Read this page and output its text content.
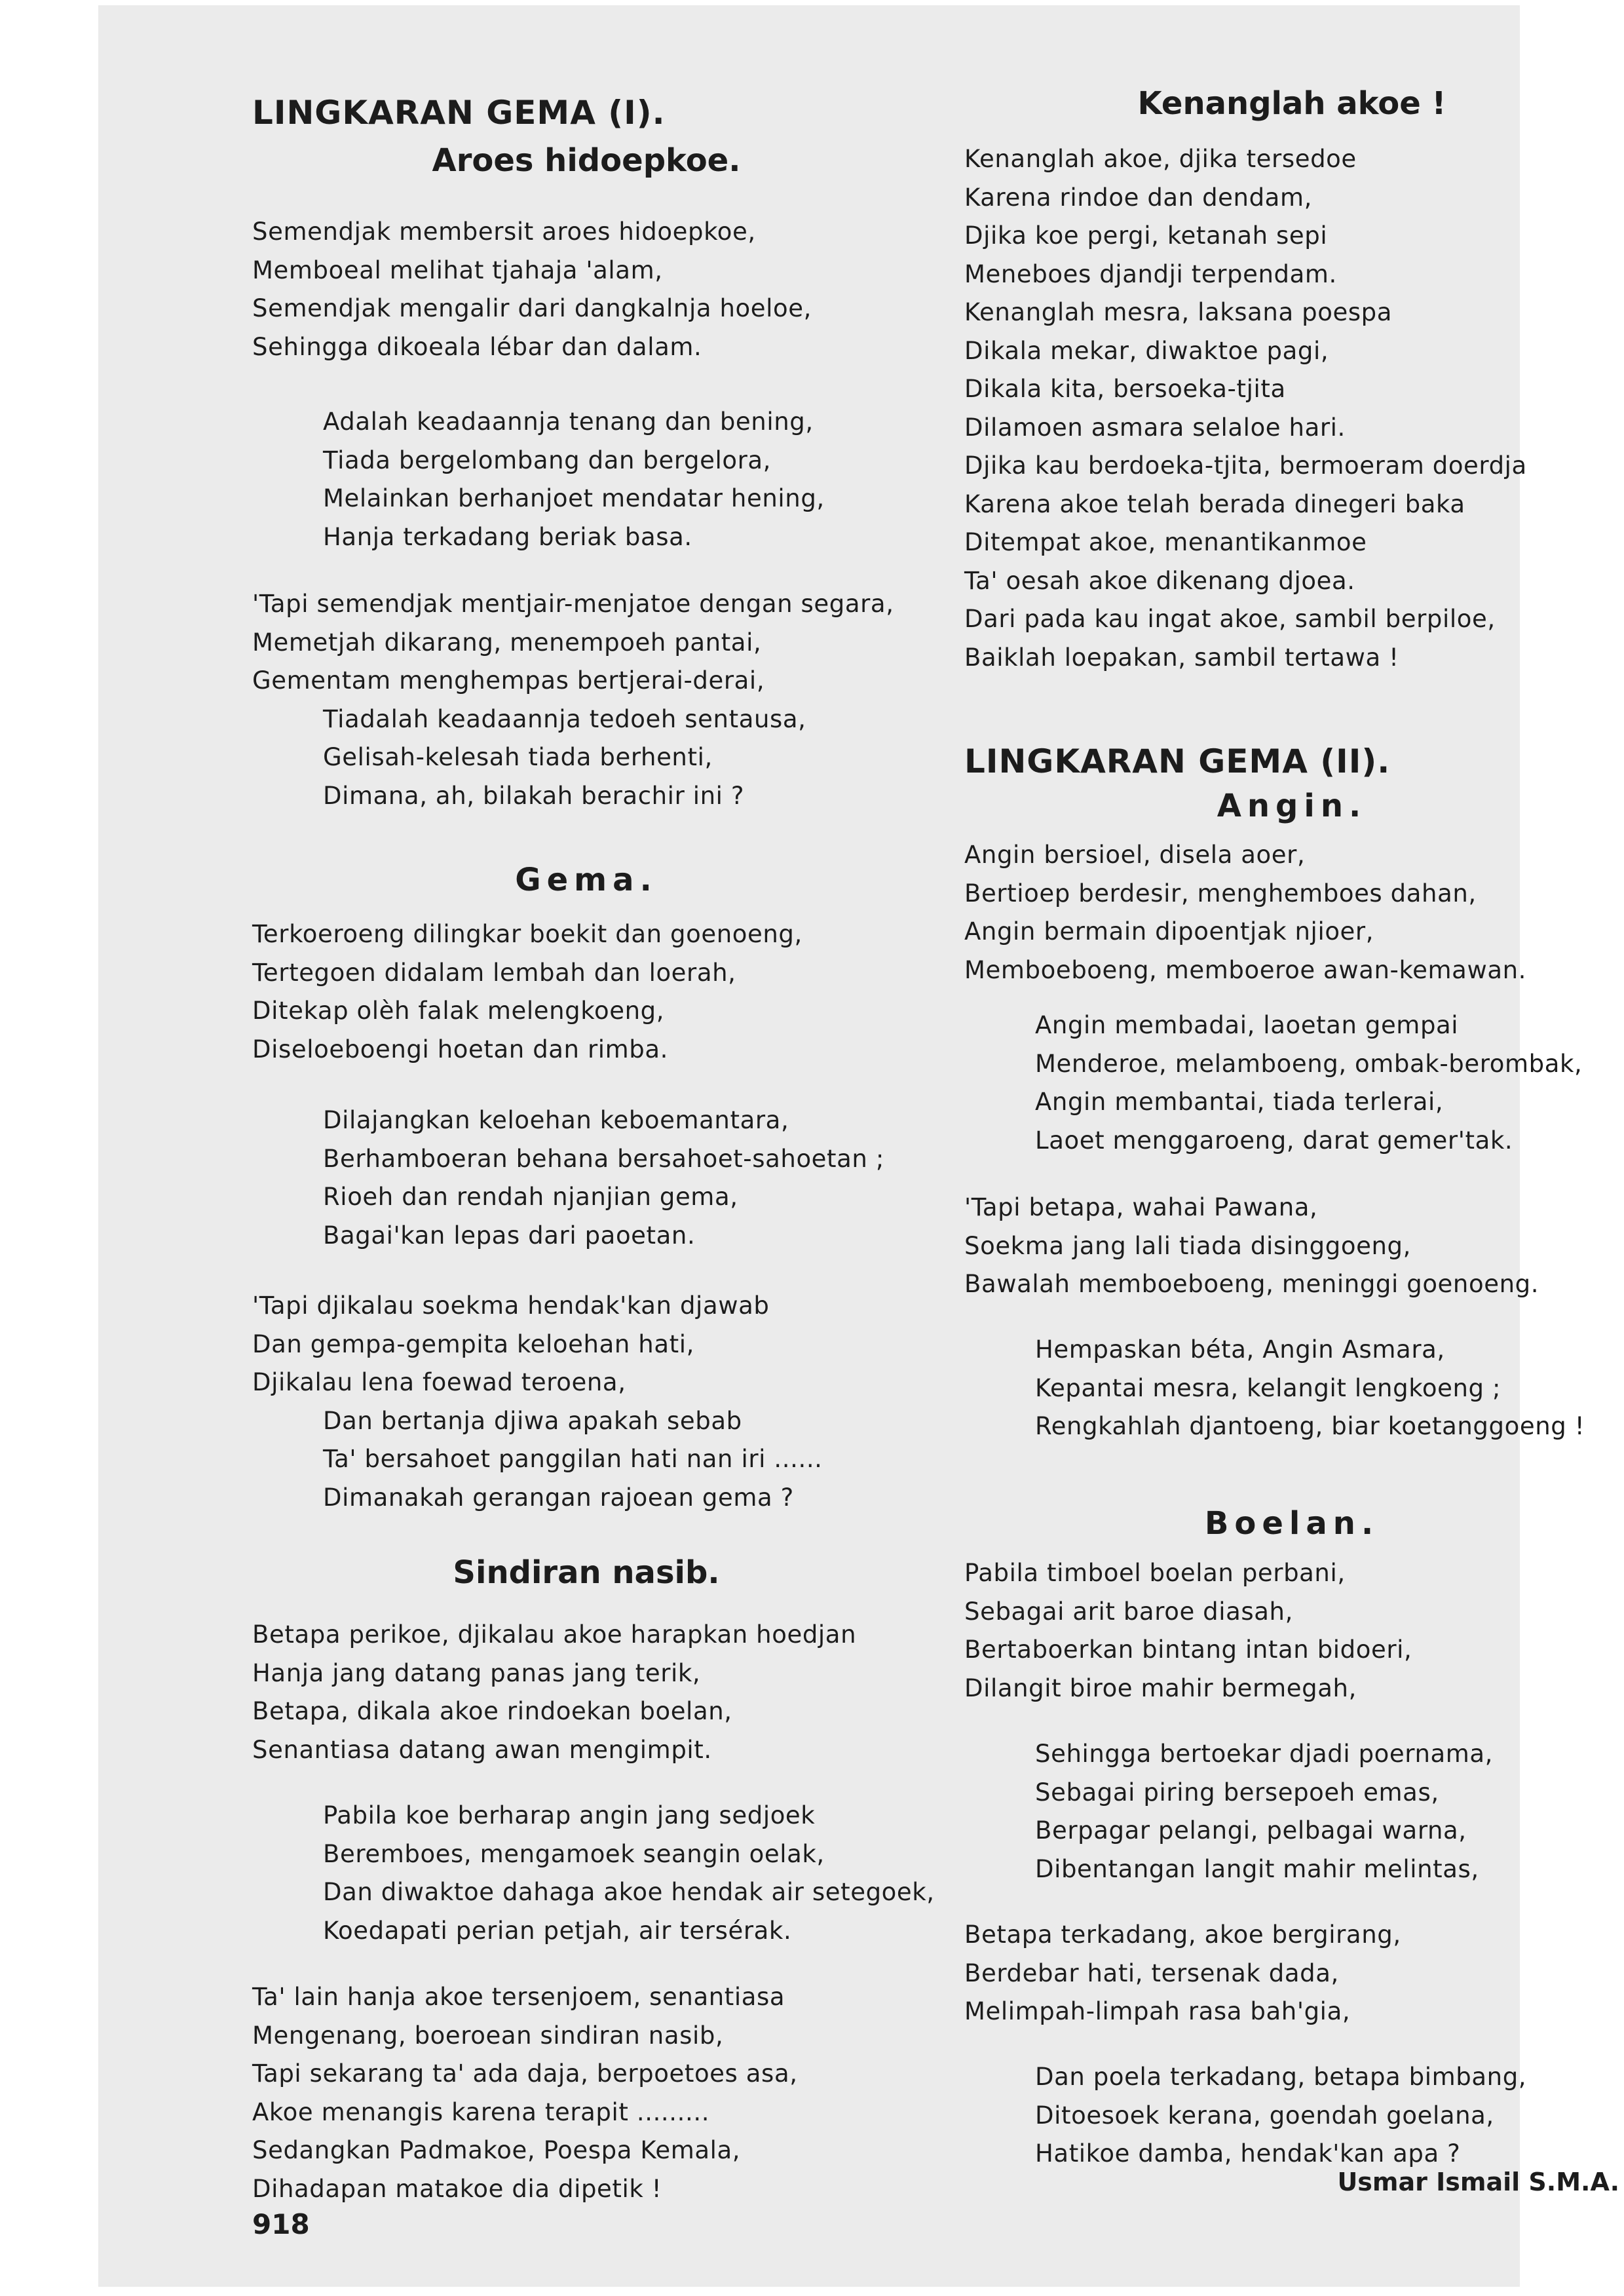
LINGKARAN GEMA (I).
Aroes hidoepkoe.

Semendjak membersit aroes hidoepkoe,
Memboeal melihat tjahaja 'alam,
Semendjak mengalir dari dangkalnja hoeloe,
Sehingga dikoeala lébar dan dalam.

Adalah keadaannja tenang dan bening,
Tiada bergelombang dan bergelora,
Melainkan berhanjoet mendatar hening,
Hanja terkadang beriak basa.

'Tapi semendjak mentjair-menjatoe dengan segara,
Memetjah dikarang, menempoeh pantai,
Gementam menghempas bertjerai-derai,

Tiadalah keadaannja tedoeh sentausa,
Gelisah-kelesah tiada berhenti,
Dimana, ah, bilakah berachir ini ?

Gema.

Terkoeroeng dilingkar boekit dan goenoeng,
Tertegoen didalam lembah dan loerah,
Ditekap olèh falak melengkoeng,
Diseloeboengi hoetan dan rimba.

Dilajangkan keloehan keboemantara,
Berhamboeran behana bersahoet-sahoetan ;
Rioeh dan rendah njanjian gema,
Bagai'kan lepas dari paoetan.

'Tapi djikalau soekma hendak'kan djawab
Dan gempa-gempita keloehan hati,
Djikalau lena foewad teroena,

Dan bertanja djiwa apakah sebab
Ta' bersahoet panggilan hati nan iri ......
Dimanakah gerangan rajoean gema ?

Sindiran nasib.

Betapa perikoe, djikalau akoe harapkan hoedjan
Hanja jang datang panas jang terik,
Betapa, dikala akoe rindoekan boelan,
Senantiasa datang awan mengimpit.

Pabila koe berharap angin jang sedjoek
Beremboes, mengamoek seangin oelak,
Dan diwaktoe dahaga akoe hendak air setegoek,
Koedapati perian petjah, air tersérak.

Ta' lain hanja akoe tersenjoem, senantiasa
Mengenang, boeroean sindiran nasib,
Tapi sekarang ta' ada daja, berpoetoes asa,
Akoe menangis karena terapit .........
Sedangkan Padmakoe, Poespa Kemala,
Dihadapan matakoe dia dipetik !

Kenanglah akoe !

Kenanglah akoe, djika tersedoe
Karena rindoe dan dendam,
Djika koe pergi, ketanah sepi
Meneboes djandji terpendam.
Kenanglah mesra, laksana poespa
Dikala mekar, diwaktoe pagi,
Dikala kita, bersoeka-tjita
Dilamoen asmara selaloe hari.
Djika kau berdoeka-tjita, bermoeram doerdja
Karena akoe telah berada dinegeri baka
Ditempat akoe, menantikanmoe
Ta' oesah akoe dikenang djoea.
Dari pada kau ingat akoe, sambil berpiloe,
Baiklah loepakan, sambil tertawa !

LINGKARAN GEMA (II).
Angin.

Angin bersioel, disela aoer,
Bertioep berdesir, menghemboes dahan,
Angin bermain dipoentjak njioer,
Memboeboeng, memboeroe awan-kemawan.

Angin membadai, laoetan gempai
Menderoe, melamboeng, ombak-berombak,
Angin membantai, tiada terlerai,
Laoet menggaroeng, darat gemer'tak.

'Tapi betapa, wahai Pawana,
Soekma jang lali tiada disinggoeng,
Bawalah memboeboeng, meninggi goenoeng.

Hempaskan béta, Angin Asmara,
Kepantai mesra, kelangit lengkoeng ;
Rengkahlah djantoeng, biar koetanggoeng !

Boelan.

Pabila timboel boelan perbani,
Sebagai arit baroe diasah,
Bertaboerkan bintang intan bidoeri,
Dilangit biroe mahir bermegah,

Sehingga bertoekar djadi poernama,
Sebagai piring bersepoeh emas,
Berpagar pelangi, pelbagai warna,
Dibentangan langit mahir melintas,

Betapa terkadang, akoe bergirang,
Berdebar hati, tersenak dada,
Melimpah-limpah rasa bah'gia,

Dan poela terkadang, betapa bimbang,
Ditoesoek kerana, goendah goelana,
Hatikoe damba, hendak'kan apa ?

Usmar Ismail S.M.A.
918
